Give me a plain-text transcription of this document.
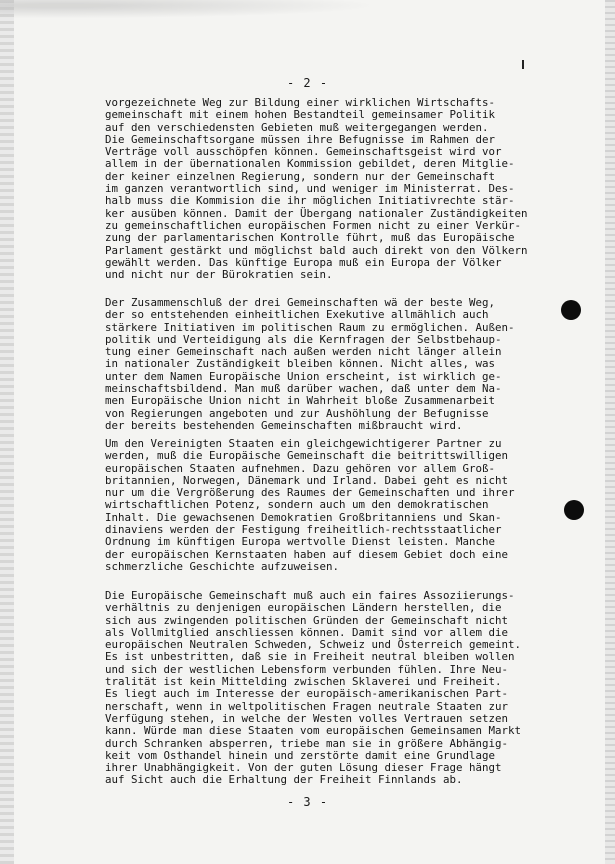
- 2 -
vorgezeichnete Weg zur Bildung einer wirklichen Wirtschafts-
gemeinschaft mit einem hohen Bestandteil gemeinsamer Politik
auf den verschiedensten Gebieten muß weitergegangen werden.
Die Gemeinschaftsorgane müssen ihre Befugnisse im Rahmen der
Verträge voll ausschöpfen können. Gemeinschaftsgeist wird vor
allem in der übernationalen Kommission gebildet, deren Mitglie-
der keiner einzelnen Regierung, sondern nur der Gemeinschaft
im ganzen verantwortlich sind, und weniger im Ministerrat. Des-
halb muss die Kommision die ihr möglichen Initiativrechte stär-
ker ausüben können. Damit der Übergang nationaler Zuständigkeiten
zu gemeinschaftlichen europäischen Formen nicht zu einer Verkür-
zung der parlamentarischen Kontrolle führt, muß das Europäische
Parlament gestärkt und möglichst bald auch direkt von den Völkern
gewählt werden. Das künftige Europa muß ein Europa der Völker
und nicht nur der Bürokratien sein.
Der Zusammenschluß der drei Gemeinschaften wä der beste Weg,
der so entstehenden einheitlichen Exekutive allmählich auch
stärkere Initiativen im politischen Raum zu ermöglichen. Außen-
politik und Verteidigung als die Kernfragen der Selbstbehaup-
tung einer Gemeinschaft nach außen werden nicht länger allein
in nationaler Zuständigkeit bleiben können. Nicht alles, was
unter dem Namen Europäische Union erscheint, ist wirklich ge-
meinschaftsbildend. Man muß darüber wachen, daß unter dem Na-
men Europäische Union nicht in Wahrheit bloße Zusammenarbeit
von Regierungen angeboten und zur Aushöhlung der Befugnisse
der bereits bestehenden Gemeinschaften mißbraucht wird.
Um den Vereinigten Staaten ein gleichgewichtigerer Partner zu
werden, muß die Europäische Gemeinschaft die beitrittswilligen
europäischen Staaten aufnehmen. Dazu gehören vor allem Groß-
britannien, Norwegen, Dänemark und Irland. Dabei geht es nicht
nur um die Vergrößerung des Raumes der Gemeinschaften und ihrer
wirtschaftlichen Potenz, sondern auch um den demokratischen
Inhalt. Die gewachsenen Demokratien Großbritanniens und Skan-
dinaviens werden der Festigung freiheitlich-rechtsstaatlicher
Ordnung im künftigen Europa wertvolle Dienst leisten. Manche
der europäischen Kernstaaten haben auf diesem Gebiet doch eine
schmerzliche Geschichte aufzuweisen.
Die Europäische Gemeinschaft muß auch ein faires Assoziierungs-
verhältnis zu denjenigen europäischen Ländern herstellen, die
sich aus zwingenden politischen Gründen der Gemeinschaft nicht
als Vollmitglied anschliessen können. Damit sind vor allem die
europäischen Neutralen Schweden, Schweiz und Österreich gemeint.
Es ist unbestritten, daß sie in Freiheit neutral bleiben wollen
und sich der westlichen Lebensform verbunden fühlen. Ihre Neu-
tralität ist kein Mittelding zwischen Sklaverei und Freiheit.
Es liegt auch im Interesse der europäisch-amerikanischen Part-
nerschaft, wenn in weltpolitischen Fragen neutrale Staaten zur
Verfügung stehen, in welche der Westen volles Vertrauen setzen
kann. Würde man diese Staaten vom europäischen Gemeinsamen Markt
durch Schranken absperren, triebe man sie in größere Abhängig-
keit vom Osthandel hinein und zerstörte damit eine Grundlage
ihrer Unabhängigkeit. Von der guten Lösung dieser Frage hängt
auf Sicht auch die Erhaltung der Freiheit Finnlands ab.
- 3 -
